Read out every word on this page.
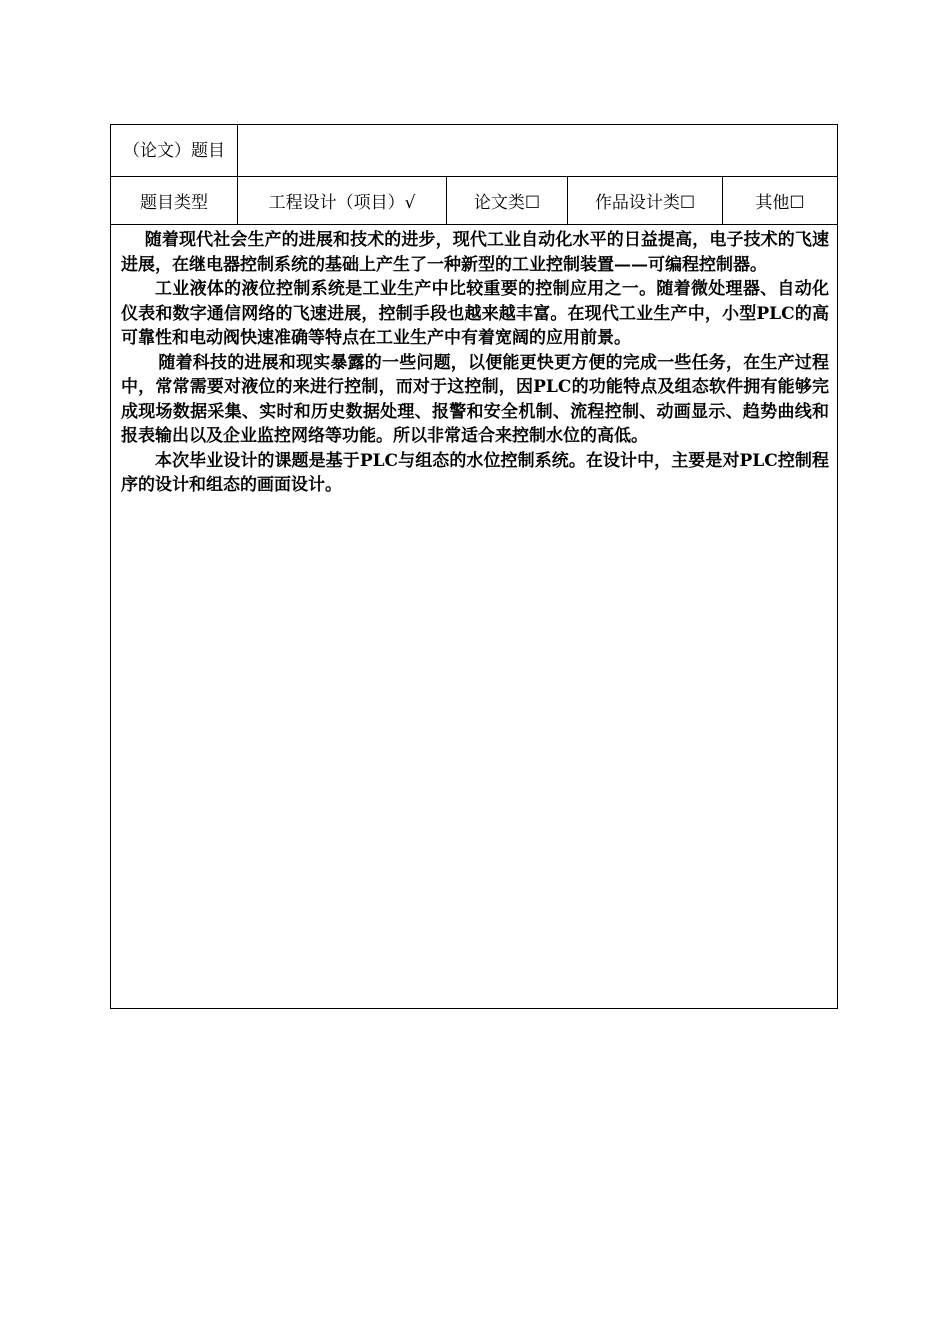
（论文）题目				
题目类型	工程设计（项目）√	论文类☐	作品设计类☐	其他☐

随着现代社会生产的进展和技术的进步，现代工业自动化水平的日益提高，电子技术的飞速进展，在继电器控制系统的基础上产生了一种新型的工业控制装置——可编程控制器。

工业液体的液位控制系统是工业生产中比较重要的控制应用之一。随着微处理器、自动化仪表和数字通信网络的飞速进展，控制手段也越来越丰富。在现代工业生产中，小型PLC的高可靠性和电动阀快速准确等特点在工业生产中有着宽阔的应用前景。

随着科技的进展和现实暴露的一些问题，以便能更快更方便的完成一些任务，在生产过程中，常常需要对液位的来进行控制，而对于这控制，因PLC的功能特点及组态软件拥有能够完成现场数据采集、实时和历史数据处理、报警和安全机制、流程控制、动画显示、趋势曲线和报表输出以及企业监控网络等功能。所以非常适合来控制水位的高低。

本次毕业设计的课题是基于PLC与组态的水位控制系统。在设计中，主要是对PLC控制程序的设计和组态的画面设计。				
